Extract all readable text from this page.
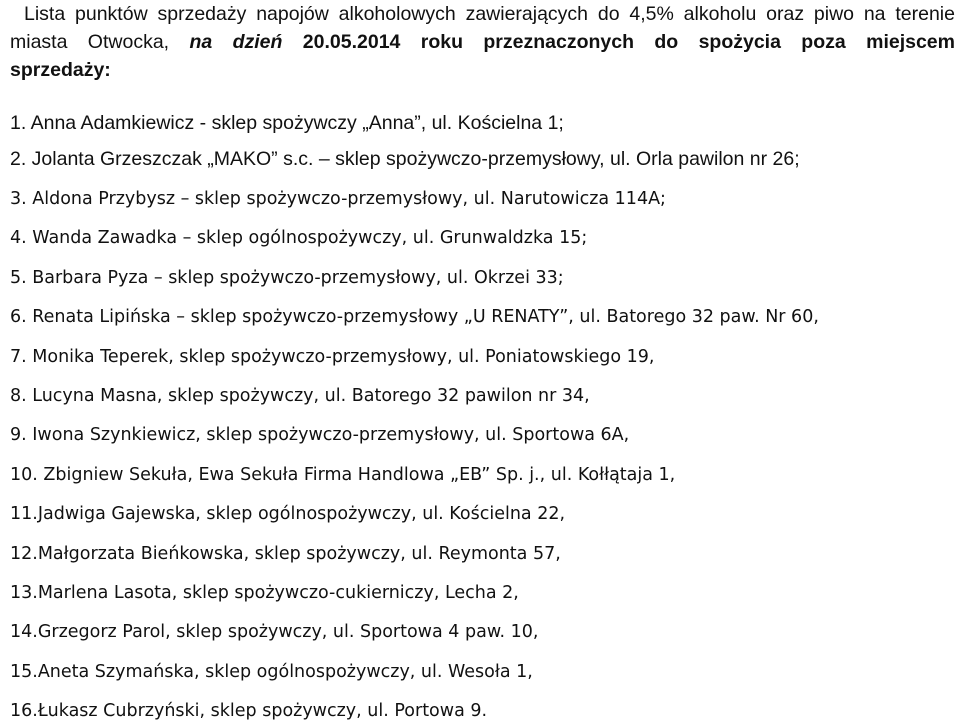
Lista punktów sprzedaży napojów alkoholowych zawierających do 4,5% alkoholu oraz piwo na terenie
miasta Otwocka, na dzień 20.05.2014 roku przeznaczonych do spożycia poza miejscem
sprzedaży:
1. Anna Adamkiewicz - sklep spożywczy „Anna”, ul. Kościelna 1;
2. Jolanta Grzeszczak „MAKO” s.c. – sklep spożywczo-przemysłowy, ul. Orla pawilon nr 26;
3. Aldona Przybysz – sklep spożywczo-przemysłowy, ul. Narutowicza 114A;
4. Wanda Zawadka – sklep ogólnospożywczy, ul. Grunwaldzka 15;
5. Barbara Pyza – sklep spożywczo-przemysłowy, ul. Okrzei 33;
6. Renata Lipińska – sklep spożywczo-przemysłowy „U RENATY”, ul. Batorego 32 paw. Nr 60,
7. Monika Teperek, sklep spożywczo-przemysłowy, ul. Poniatowskiego 19,
8. Lucyna Masna, sklep spożywczy, ul. Batorego 32 pawilon nr 34,
9. Iwona Szynkiewicz, sklep spożywczo-przemysłowy, ul. Sportowa 6A,
10. Zbigniew Sekuła, Ewa Sekuła Firma Handlowa „EB” Sp. j., ul. Kołłątaja 1,
11.Jadwiga Gajewska, sklep ogólnospożywczy, ul. Kościelna 22,
12.Małgorzata Bieńkowska, sklep spożywczy, ul. Reymonta 57,
13.Marlena Lasota, sklep spożywczo-cukierniczy, Lecha 2,
14.Grzegorz Parol, sklep spożywczy, ul. Sportowa 4 paw. 10,
15.Aneta Szymańska, sklep ogólnospożywczy, ul. Wesoła 1,
16.Łukasz Cubrzyński, sklep spożywczy, ul. Portowa 9.
